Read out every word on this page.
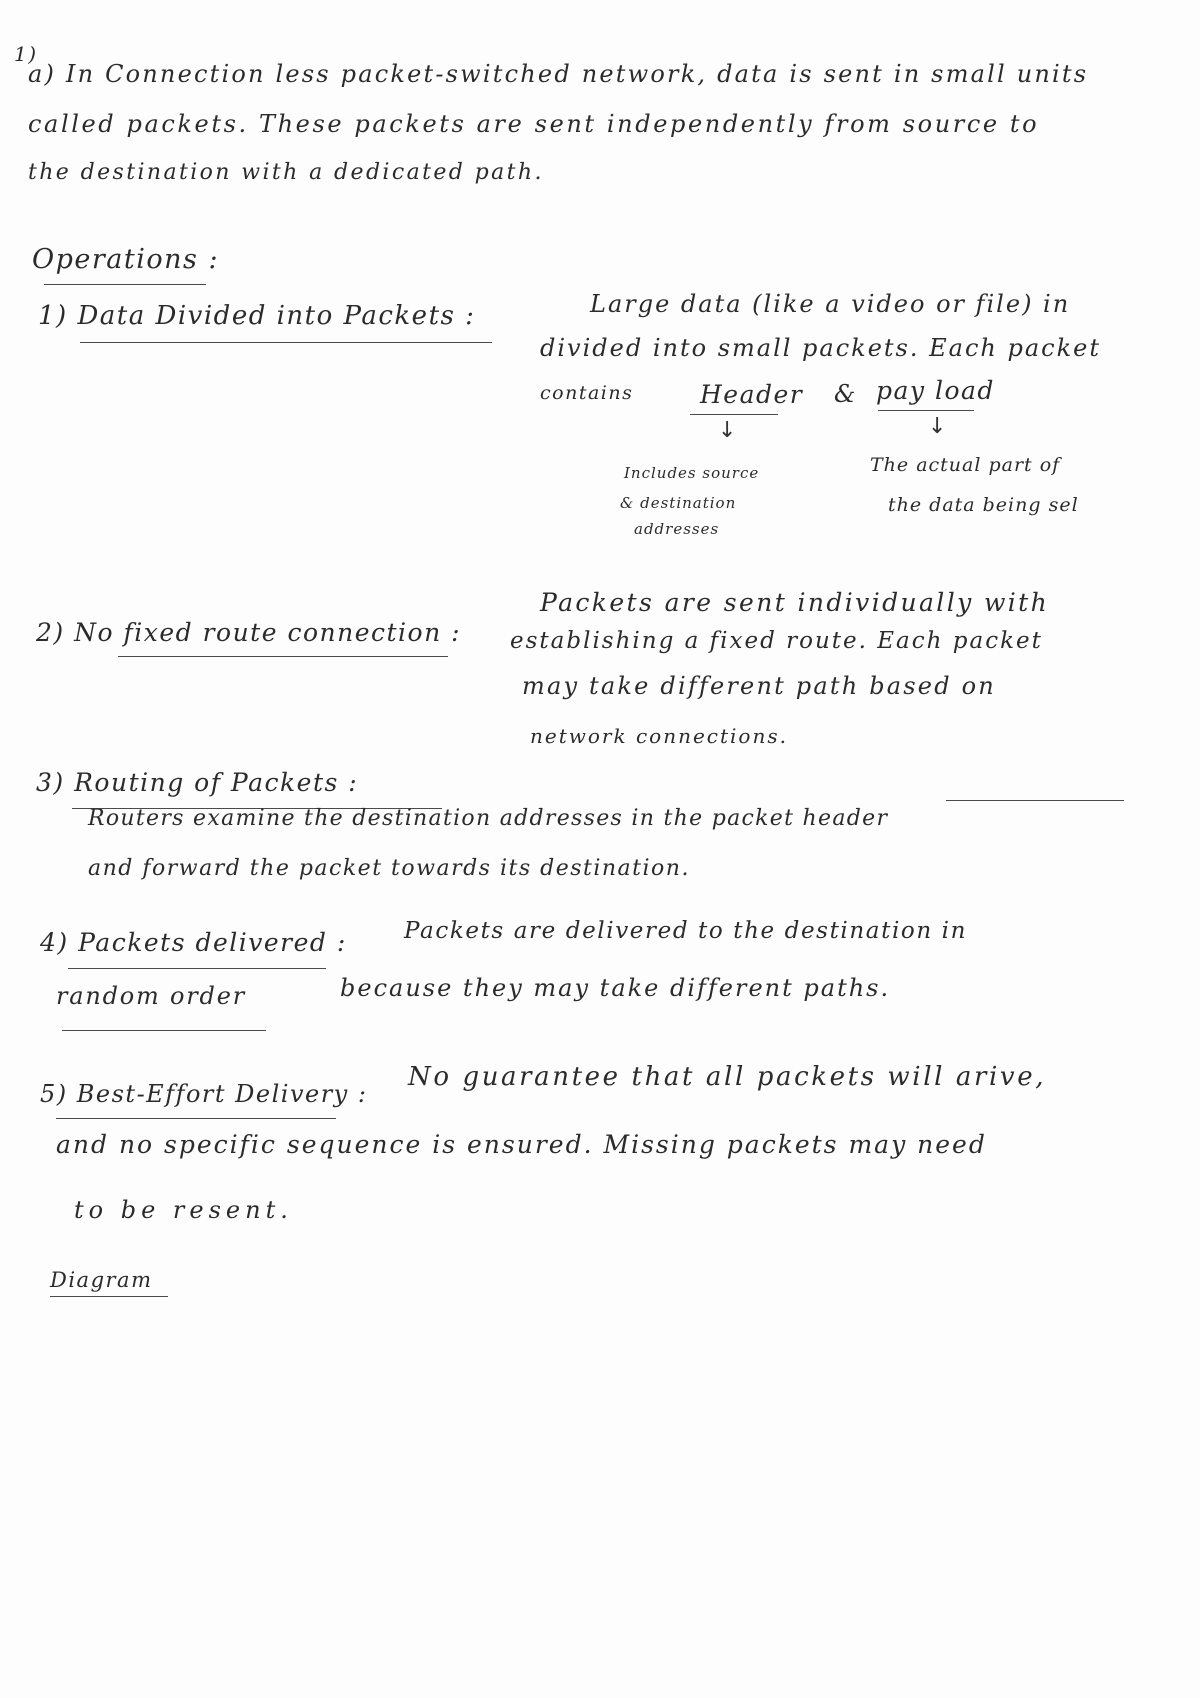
1)
a) In Connection less packet-switched network, data is sent in small units
called packets. These packets are sent independently from source to
the destination with a dedicated path.
Operations :
1) Data Divided into Packets :	Large data (like a video or file) in
divided into small packets. Each packet
contains	Header & pay load
↓	↓
Includes source
& destination
addresses
The actual part of
the data being sel
2) No fixed route connection :
Packets are sent individually with
establishing a fixed route. Each packet
may take different path based on
network connections.
3) Routing of Packets :
Routers examine the destination addresses in the packet header
and forward the packet towards its destination.
4) Packets delivered : Packets are delivered to the destination in
random order	because they may take different paths.
5) Best-Effort Delivery :
No guarantee that all packets will arive,
and no specific sequence is ensured. Missing packets may need
to be resent.
Diagram
